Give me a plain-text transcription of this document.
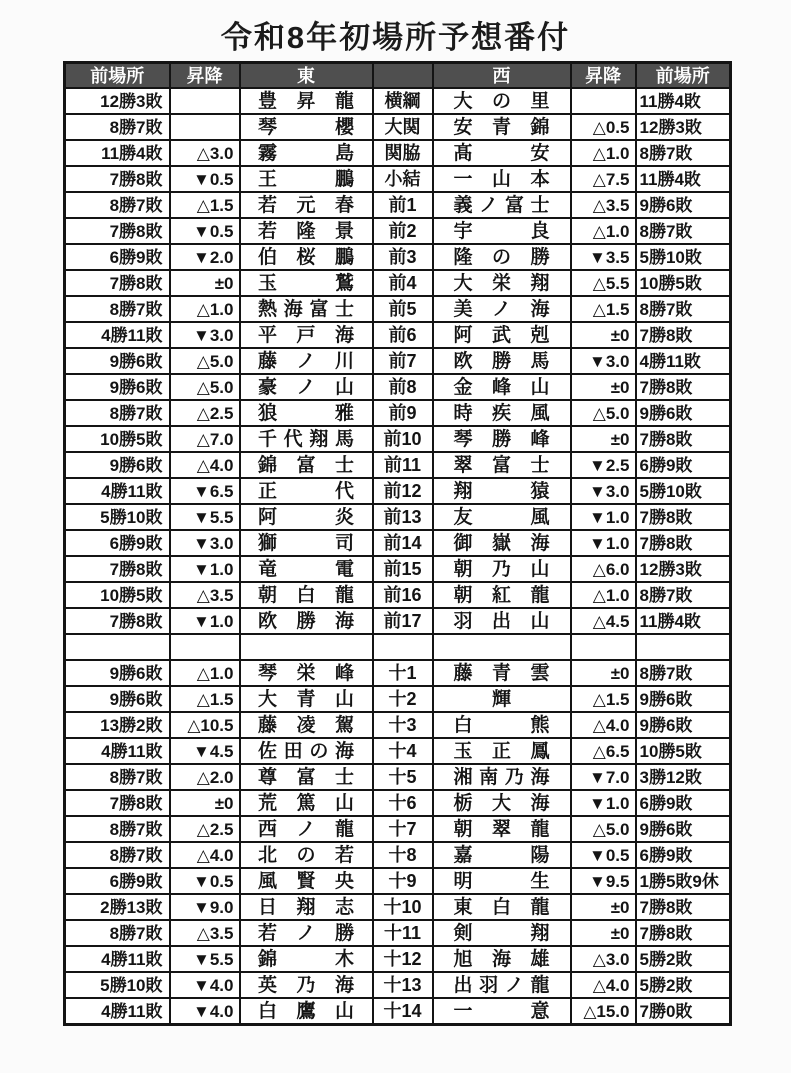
令和8年初場所予想番付
前場所	昇降	東		西	昇降	前場所
12勝3敗		豊 昇 龍	横綱	大 の 里		11勝4敗
8勝7敗		琴 櫻	大関	安 青 錦	△0.5	12勝3敗
11勝4敗	△3.0	霧 島	関脇	髙 安	△1.0	8勝7敗
7勝8敗	▼0.5	王 鵬	小結	一 山 本	△7.5	11勝4敗
8勝7敗	△1.5	若 元 春	前1	義 ノ 富 士	△3.5	9勝6敗
7勝8敗	▼0.5	若 隆 景	前2	宇 良	△1.0	8勝7敗
6勝9敗	▼2.0	伯 桜 鵬	前3	隆 の 勝	▼3.5	5勝10敗
7勝8敗	±0	玉 鷲	前4	大 栄 翔	△5.5	10勝5敗
8勝7敗	△1.0	熱 海 富 士	前5	美 ノ 海	△1.5	8勝7敗
4勝11敗	▼3.0	平 戸 海	前6	阿 武 剋	±0	7勝8敗
9勝6敗	△5.0	藤 ノ 川	前7	欧 勝 馬	▼3.0	4勝11敗
9勝6敗	△5.0	豪 ノ 山	前8	金 峰 山	±0	7勝8敗
8勝7敗	△2.5	狼 雅	前9	時 疾 風	△5.0	9勝6敗
10勝5敗	△7.0	千 代 翔 馬	前10	琴 勝 峰	±0	7勝8敗
9勝6敗	△4.0	錦 富 士	前11	翠 富 士	▼2.5	6勝9敗
4勝11敗	▼6.5	正 代	前12	翔 猿	▼3.0	5勝10敗
5勝10敗	▼5.5	阿 炎	前13	友 風	▼1.0	7勝8敗
6勝9敗	▼3.0	獅 司	前14	御 嶽 海	▼1.0	7勝8敗
7勝8敗	▼1.0	竜 電	前15	朝 乃 山	△6.0	12勝3敗
10勝5敗	△3.5	朝 白 龍	前16	朝 紅 龍	△1.0	8勝7敗
7勝8敗	▼1.0	欧 勝 海	前17	羽 出 山	△4.5	11勝4敗

9勝6敗	△1.0	琴 栄 峰	十1	藤 青 雲	±0	8勝7敗
9勝6敗	△1.5	大 青 山	十2	輝	△1.5	9勝6敗
13勝2敗	△10.5	藤 凌 駕	十3	白 熊	△4.0	9勝6敗
4勝11敗	▼4.5	佐 田 の 海	十4	玉 正 鳳	△6.5	10勝5敗
8勝7敗	△2.0	尊 富 士	十5	湘 南 乃 海	▼7.0	3勝12敗
7勝8敗	±0	荒 篤 山	十6	栃 大 海	▼1.0	6勝9敗
8勝7敗	△2.5	西 ノ 龍	十7	朝 翠 龍	△5.0	9勝6敗
8勝7敗	△4.0	北 の 若	十8	嘉 陽	▼0.5	6勝9敗
6勝9敗	▼0.5	風 賢 央	十9	明 生	▼9.5	1勝5敗9休
2勝13敗	▼9.0	日 翔 志	十10	東 白 龍	±0	7勝8敗
8勝7敗	△3.5	若 ノ 勝	十11	剣 翔	±0	7勝8敗
4勝11敗	▼5.5	錦 木	十12	旭 海 雄	△3.0	5勝2敗
5勝10敗	▼4.0	英 乃 海	十13	出 羽 ノ 龍	△4.0	5勝2敗
4勝11敗	▼4.0	白 鷹 山	十14	一 意	△15.0	7勝0敗
